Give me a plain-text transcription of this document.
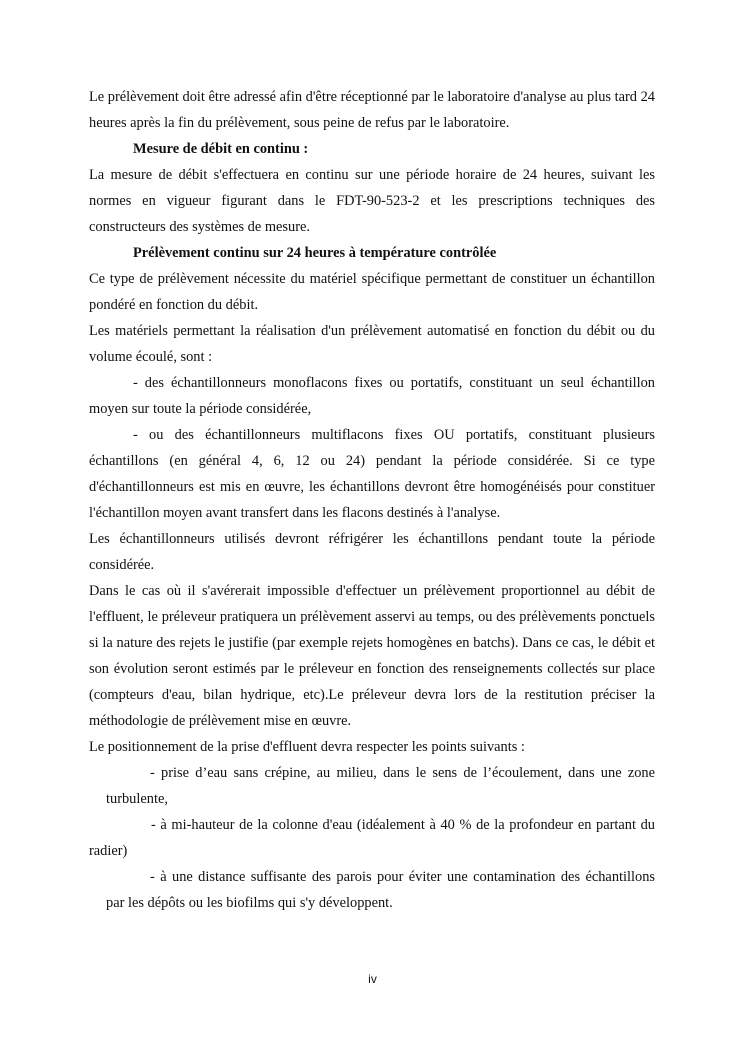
Le prélèvement doit être adressé afin d'être réceptionné par le laboratoire d'analyse au plus tard 24 heures après la fin du prélèvement, sous peine de refus par le laboratoire.

Mesure de débit en continu :

La mesure de débit s'effectuera en continu sur une période horaire de 24 heures, suivant les normes en vigueur figurant dans le FDT-90-523-2 et les prescriptions techniques des constructeurs des systèmes de mesure.

Prélèvement continu sur 24 heures à température contrôlée

Ce type de prélèvement nécessite du matériel spécifique permettant de constituer un échantillon pondéré en fonction du débit.

Les matériels permettant la réalisation d'un prélèvement automatisé en fonction du débit ou du volume écoulé, sont :

- des échantillonneurs monoflacons fixes ou portatifs, constituant un seul échantillon moyen sur toute la période considérée,

- ou des échantillonneurs multiflacons fixes OU portatifs, constituant plusieurs échantillons (en général 4, 6, 12 ou 24) pendant la période considérée. Si ce type d'échantillonneurs est mis en œuvre, les échantillons devront être homogénéisés pour constituer l'échantillon moyen avant transfert dans les flacons destinés à l'analyse.

Les échantillonneurs utilisés devront réfrigérer les échantillons pendant toute la période considérée.

Dans le cas où il s'avérerait impossible d'effectuer un prélèvement proportionnel au débit de l'effluent, le préleveur pratiquera un prélèvement asservi au temps, ou des prélèvements ponctuels si la nature des rejets le justifie (par exemple rejets homogènes en batchs). Dans ce cas, le débit et son évolution seront estimés par le préleveur en fonction des renseignements collectés sur place (compteurs d'eau, bilan hydrique, etc).Le préleveur devra lors de la restitution préciser la méthodologie de prélèvement mise en œuvre.

Le positionnement de la prise d'effluent devra respecter les points suivants :

- prise d’eau sans crépine, au milieu, dans le sens de l’écoulement, dans une zone turbulente,

- à mi-hauteur de la colonne d'eau (idéalement à 40 % de la profondeur en partant du radier)

- à une distance suffisante des parois pour éviter une contamination des échantillons par les dépôts ou les biofilms qui s'y développent.

iv
